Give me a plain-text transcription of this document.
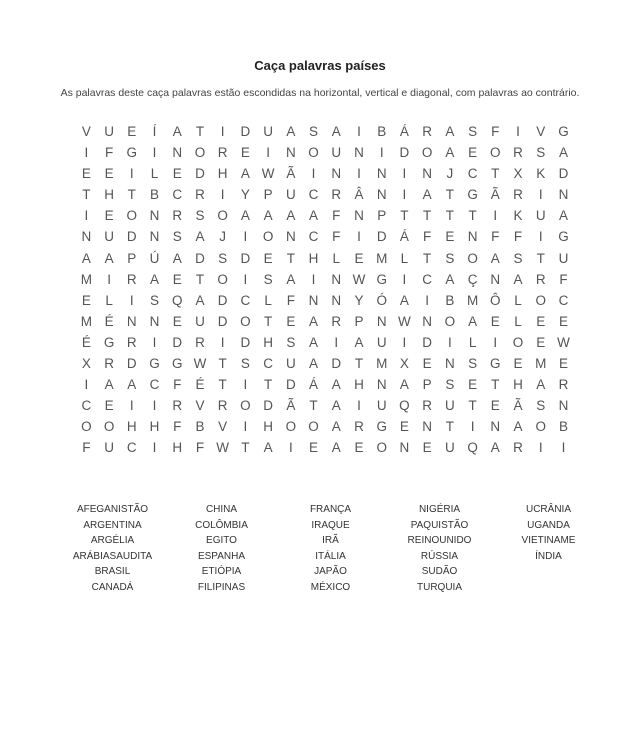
Caça palavras países

As palavras deste caça palavras estão escondidas na horizontal, vertical e diagonal, com palavras ao contrário.

V U E	Í	A	T	I	D U A	S	A	I	B	Á R A	S	F	I	V G
I	F G	I	N O R E	I	N O U N	I	D O A	E O R S	A
E	E	I	L	E D H A W Ã	I	N	I	N	I	N	J	C	T	X	K D
T	H	T	B C R	I	Y	P U C R Â N	I	A	T G Ã R	I	N
I	E O N R S O A	A	A	A	F	N P	T	T	T	T	I	K U A
N U D N S	A	J	I	O N C	F	I	D Á	F	E N	F	F	I	G
A	A	P Ú A D S D E	T	H	L	E M L	T	S O A	S	T	U
M	I	R A	E	T O	I	S	A	I	N W G	I	C A Ç N A R	F
E	L	I	S Q A D C	L	F	N N Y Ó A	I	B M Ô	L	O C
M É N N E U D O T	E	A R P N W N O A	E	L	E	E
É G R	I	D R	I	D H S	A	I	A U	I	D	I	L	I	O E W
X R D G G W T	S C U A D	T M X	E N S G E M E
I	A	A C	F	É	T	I	T	D Á	A H N A	P	S	E	T	H A R
C E	I	I	R V R O D Ã	T	A	I	U Q R U	T	E	Ã	S N
O O H H	F	B	V	I	H O O A R G E N	T	I	N A O B
F	U C	I	H	F W T	A	I	E	A	E O N E U Q A R	I	I
AFEGANISTÃO
ARGENTINA
ARGÉLIA
ARÁBIASAUDITA
BRASIL
CANADÁ
CHINA
COLÔMBIA
EGITO
ESPANHA
ETIÓPIA
FILIPINAS
FRANÇA
IRAQUE
IRÃ
ITÁLIA
JAPÃO
MÉXICO
NIGÉRIA
PAQUISTÃO
REINOUNIDO
RÚSSIA
SUDÃO
TURQUIA
UCRÂNIA
UGANDA
VIETINAME
ÍNDIA
